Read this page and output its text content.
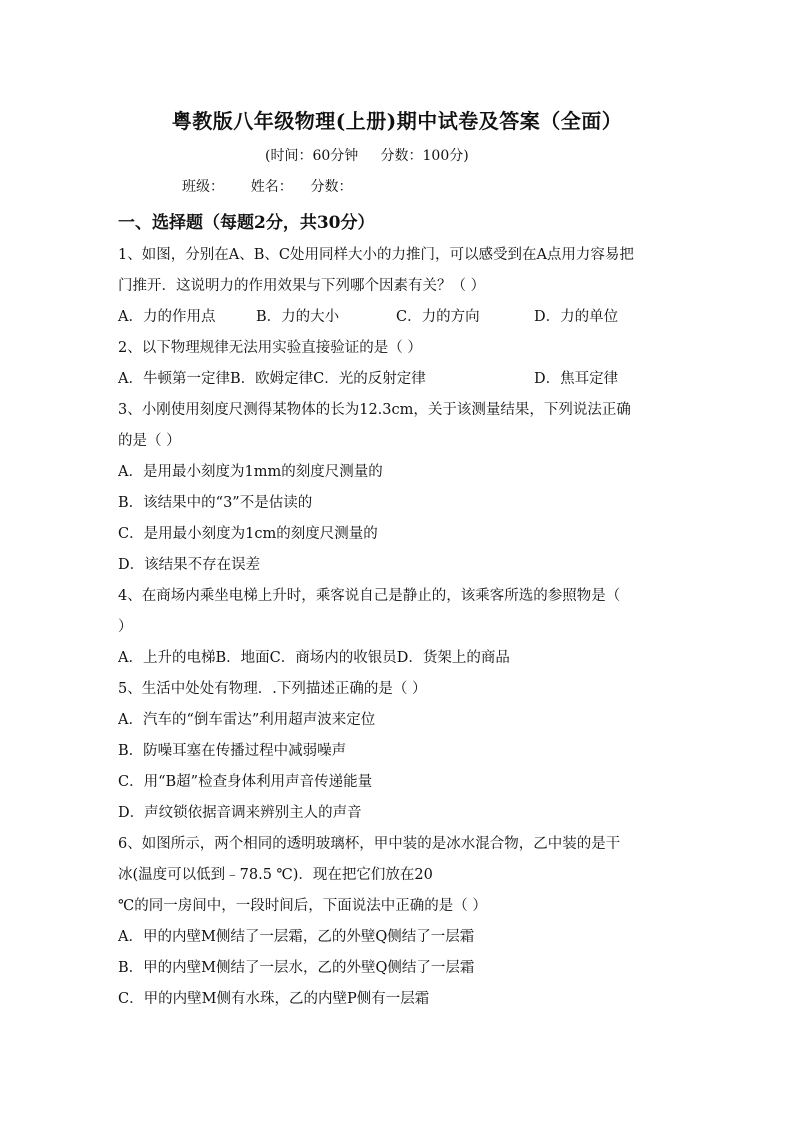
粤教版八年级物理(上册)期中试卷及答案（全面）
(时间：60分钟     分数：100分)
班级：      姓名：    分数：
一、选择题（每题2分，共30分）
1、如图，分别在A、B、C处用同样大小的力推门，可以感受到在A点用力容易把
门推开．这说明力的作用效果与下列哪个因素有关？（ ）
A．力的作用点	B．力的大小	C．力的方向	D．力的单位
2、以下物理规律无法用实验直接验证的是（ ）
A．牛顿第一定律B．欧姆定律C．光的反射定律	D．焦耳定律
3、小刚使用刻度尺测得某物体的长为12.3cm，关于该测量结果，下列说法正确
的是（ ）
A．是用最小刻度为1mm的刻度尺测量的
B．该结果中的“3”不是估读的
C．是用最小刻度为1cm的刻度尺测量的
D．该结果不存在误差
4、在商场内乘坐电梯上升时，乘客说自己是静止的，该乘客所选的参照物是（
）
A．上升的电梯B．地面C．商场内的收银员D．货架上的商品
5、生活中处处有物理．.下列描述正确的是（ ）
A．汽车的“倒车雷达”利用超声波来定位
B．防噪耳塞在传播过程中减弱噪声
C．用“B超”检查身体利用声音传递能量
D．声纹锁依据音调来辨别主人的声音
6、如图所示，两个相同的透明玻璃杯，甲中装的是冰水混合物，乙中装的是干
冰(温度可以低到﹣78.5 ℃)．现在把它们放在20
℃的同一房间中，一段时间后，下面说法中正确的是（ ）
A．甲的内壁M侧结了一层霜，乙的外壁Q侧结了一层霜
B．甲的内壁M侧结了一层水，乙的外壁Q侧结了一层霜
C．甲的内壁M侧有水珠，乙的内壁P侧有一层霜
